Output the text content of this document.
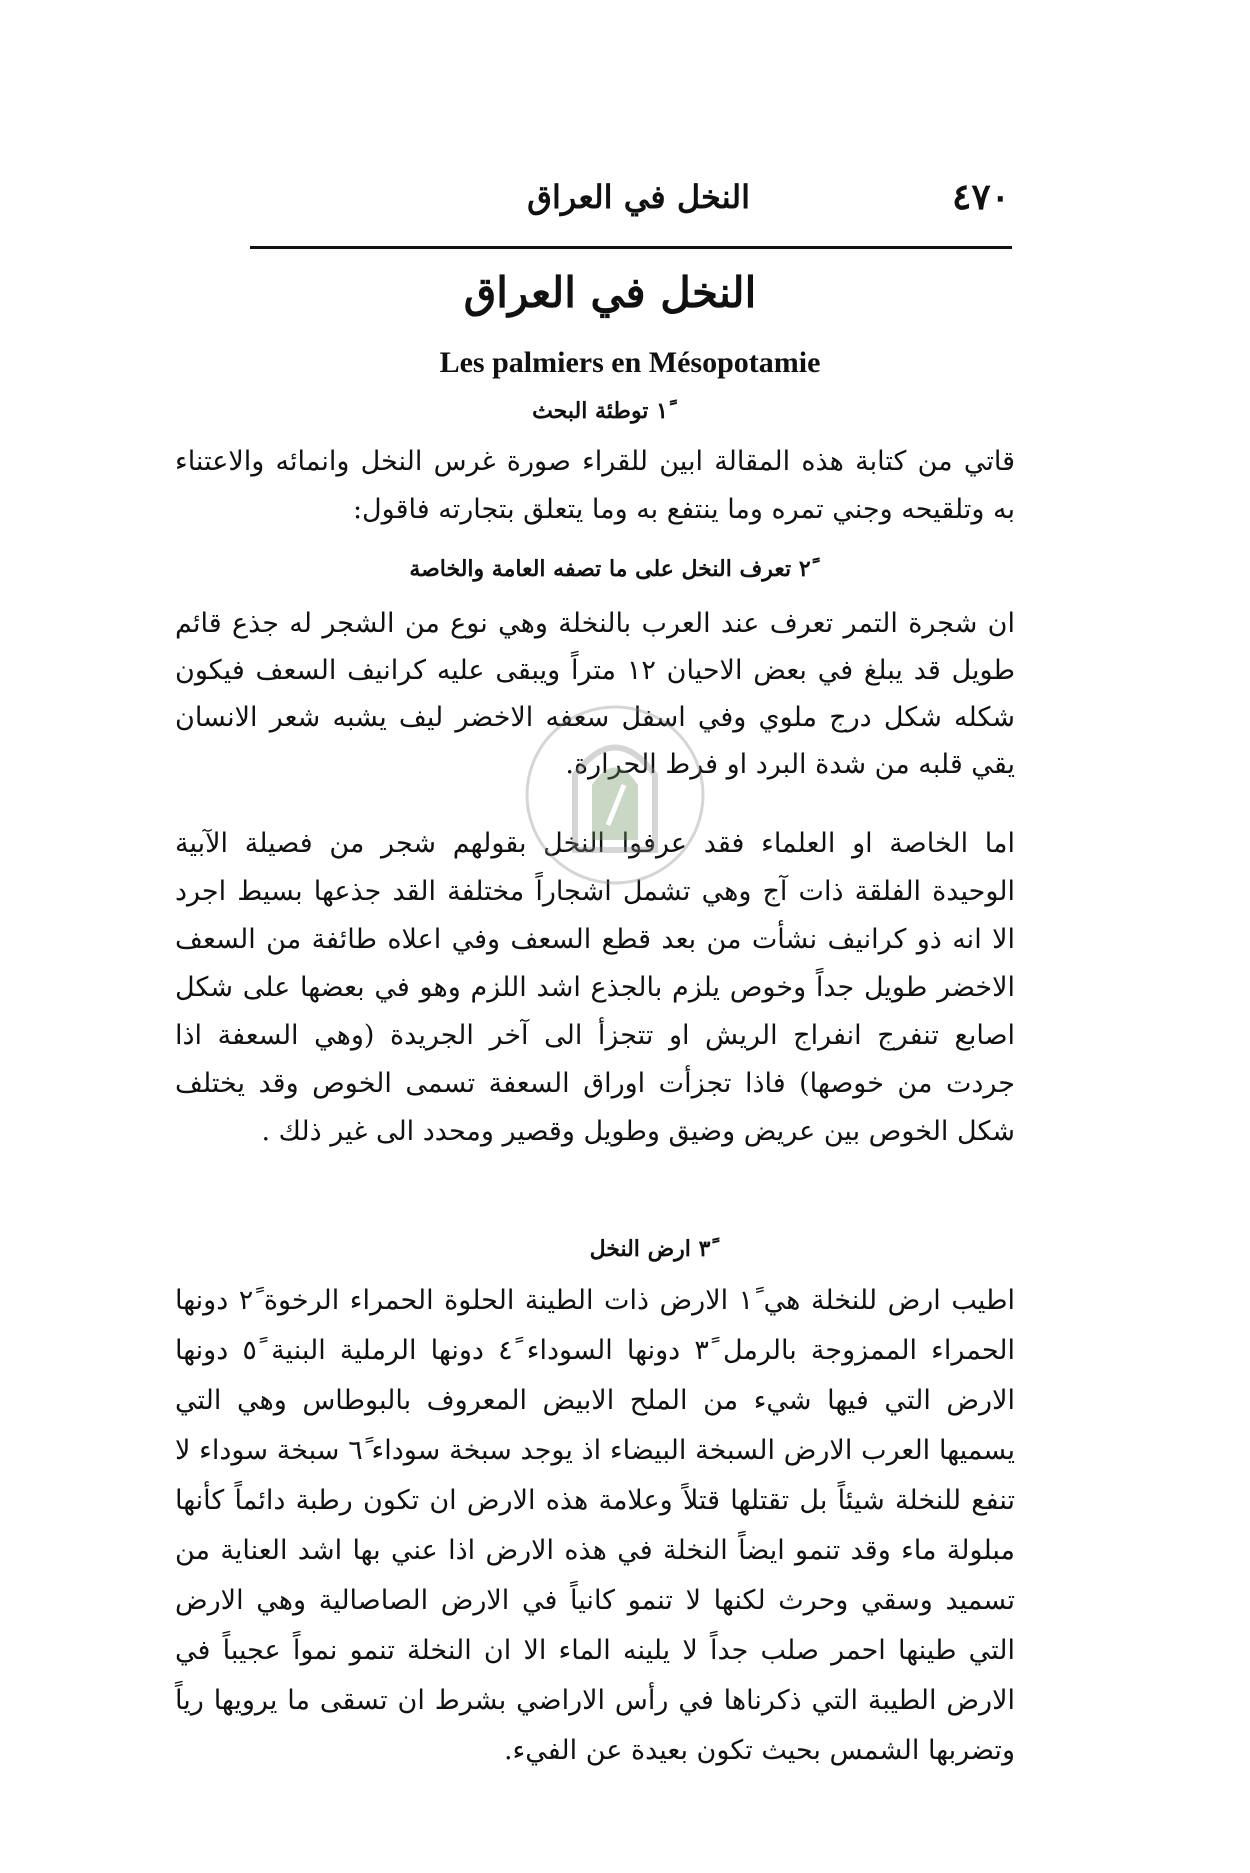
٤٧٠
النخل في العراق
النخل في العراق
Les palmiers en Mésopotamie
١ً توطئة البحث
قاتي من كتابة هذه المقالة ابين للقراء صورة غرس النخل وانمائه والاعتناء به وتلقيحه وجني تمره وما ينتفع به وما يتعلق بتجارته فاقول:
٢ً تعرف النخل على ما تصفه العامة والخاصة
ان شجرة التمر تعرف عند العرب بالنخلة وهي نوع من الشجر له جذع قائم طويل قد يبلغ في بعض الاحيان ١٢ متراً ويبقى عليه كرانيف السعف فيكون شكله شكل درج ملوي وفي اسفل سعفه الاخضر ليف يشبه شعر الانسان يقي قلبه من شدة البرد او فرط الحرارة.
اما الخاصة او العلماء فقد عرفوا النخل بقولهم شجر من فصيلة الآبية الوحيدة الفلقة ذات آج وهي تشمل اشجاراً مختلفة القد جذعها بسيط اجرد الا انه ذو كرانيف نشأت من بعد قطع السعف وفي اعلاه طائفة من السعف الاخضر طويل جداً وخوص يلزم بالجذع اشد اللزم وهو في بعضها على شكل اصابع تنفرج انفراج الريش او تتجزأ الى آخر الجريدة (وهي السعفة اذا جردت من خوصها) فاذا تجزأت اوراق السعفة تسمى الخوص وقد يختلف شكل الخوص بين عريض وضيق وطويل وقصير ومحدد الى غير ذلك .
٣ً ارض النخل
اطيب ارض للنخلة هي ١ً الارض ذات الطينة الحلوة الحمراء الرخوة ٢ً دونها الحمراء الممزوجة بالرمل ٣ً دونها السوداء ٤ً دونها الرملية البنية ٥ً دونها الارض التي فيها شيء من الملح الابيض المعروف بالبوطاس وهي التي يسميها العرب الارض السبخة البيضاء اذ يوجد سبخة سوداء ٦ً سبخة سوداء لا تنفع للنخلة شيئاً بل تقتلها قتلاً وعلامة هذه الارض ان تكون رطبة دائماً كأنها مبلولة ماء وقد تنمو ايضاً النخلة في هذه الارض اذا عني بها اشد العناية من تسميد وسقي وحرث لكنها لا تنمو كانياً في الارض الصاصالية وهي الارض التي طينها احمر صلب جداً لا يلينه الماء الا ان النخلة تنمو نمواً عجيباً في الارض الطيبة التي ذكرناها في رأس الاراضي بشرط ان تسقى ما يرويها رياً وتضربها الشمس بحيث تكون بعيدة عن الفيء.
